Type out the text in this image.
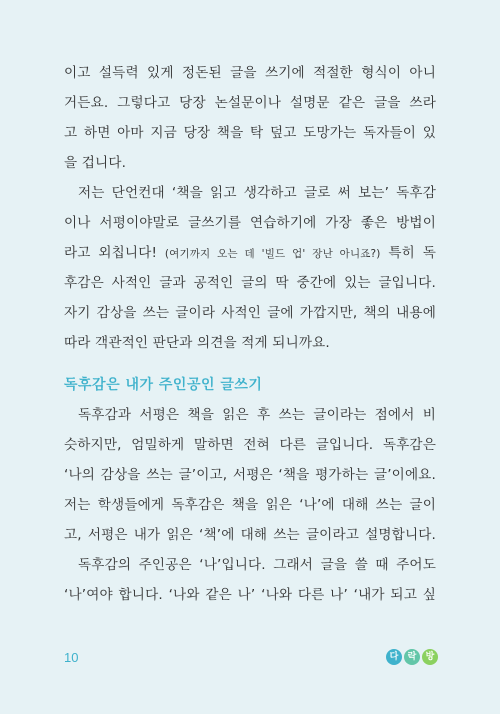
이고 설득력 있게 정돈된 글을 쓰기에 적절한 형식이 아니
거든요. 그렇다고 당장 논설문이나 설명문 같은 글을 쓰라
고 하면 아마 지금 당장 책을 탁 덮고 도망가는 독자들이 있
을 겁니다.
저는 단언컨대 ‘책을 읽고 생각하고 글로 써 보는’ 독후감
이나 서평이야말로 글쓰기를 연습하기에 가장 좋은 방법이
라고 외칩니다! (여기까지 오는 데 '빌드 업' 장난 아니죠?) 특히 독
후감은 사적인 글과 공적인 글의 딱 중간에 있는 글입니다.
자기 감상을 쓰는 글이라 사적인 글에 가깝지만, 책의 내용에
따라 객관적인 판단과 의견을 적게 되니까요.
독후감은 내가 주인공인 글쓰기
독후감과 서평은 책을 읽은 후 쓰는 글이라는 점에서 비
슷하지만, 엄밀하게 말하면 전혀 다른 글입니다. 독후감은
‘나의 감상을 쓰는 글’이고, 서평은 ‘책을 평가하는 글’이에요.
저는 학생들에게 독후감은 책을 읽은 ‘나’에 대해 쓰는 글이
고, 서평은 내가 읽은 ‘책’에 대해 쓰는 글이라고 설명합니다.
독후감의 주인공은 ‘나’입니다. 그래서 글을 쓸 때 주어도
‘나’여야 합니다. ‘나와 같은 나’ ‘나와 다른 나’ ‘내가 되고 싶
10	다	락	방
